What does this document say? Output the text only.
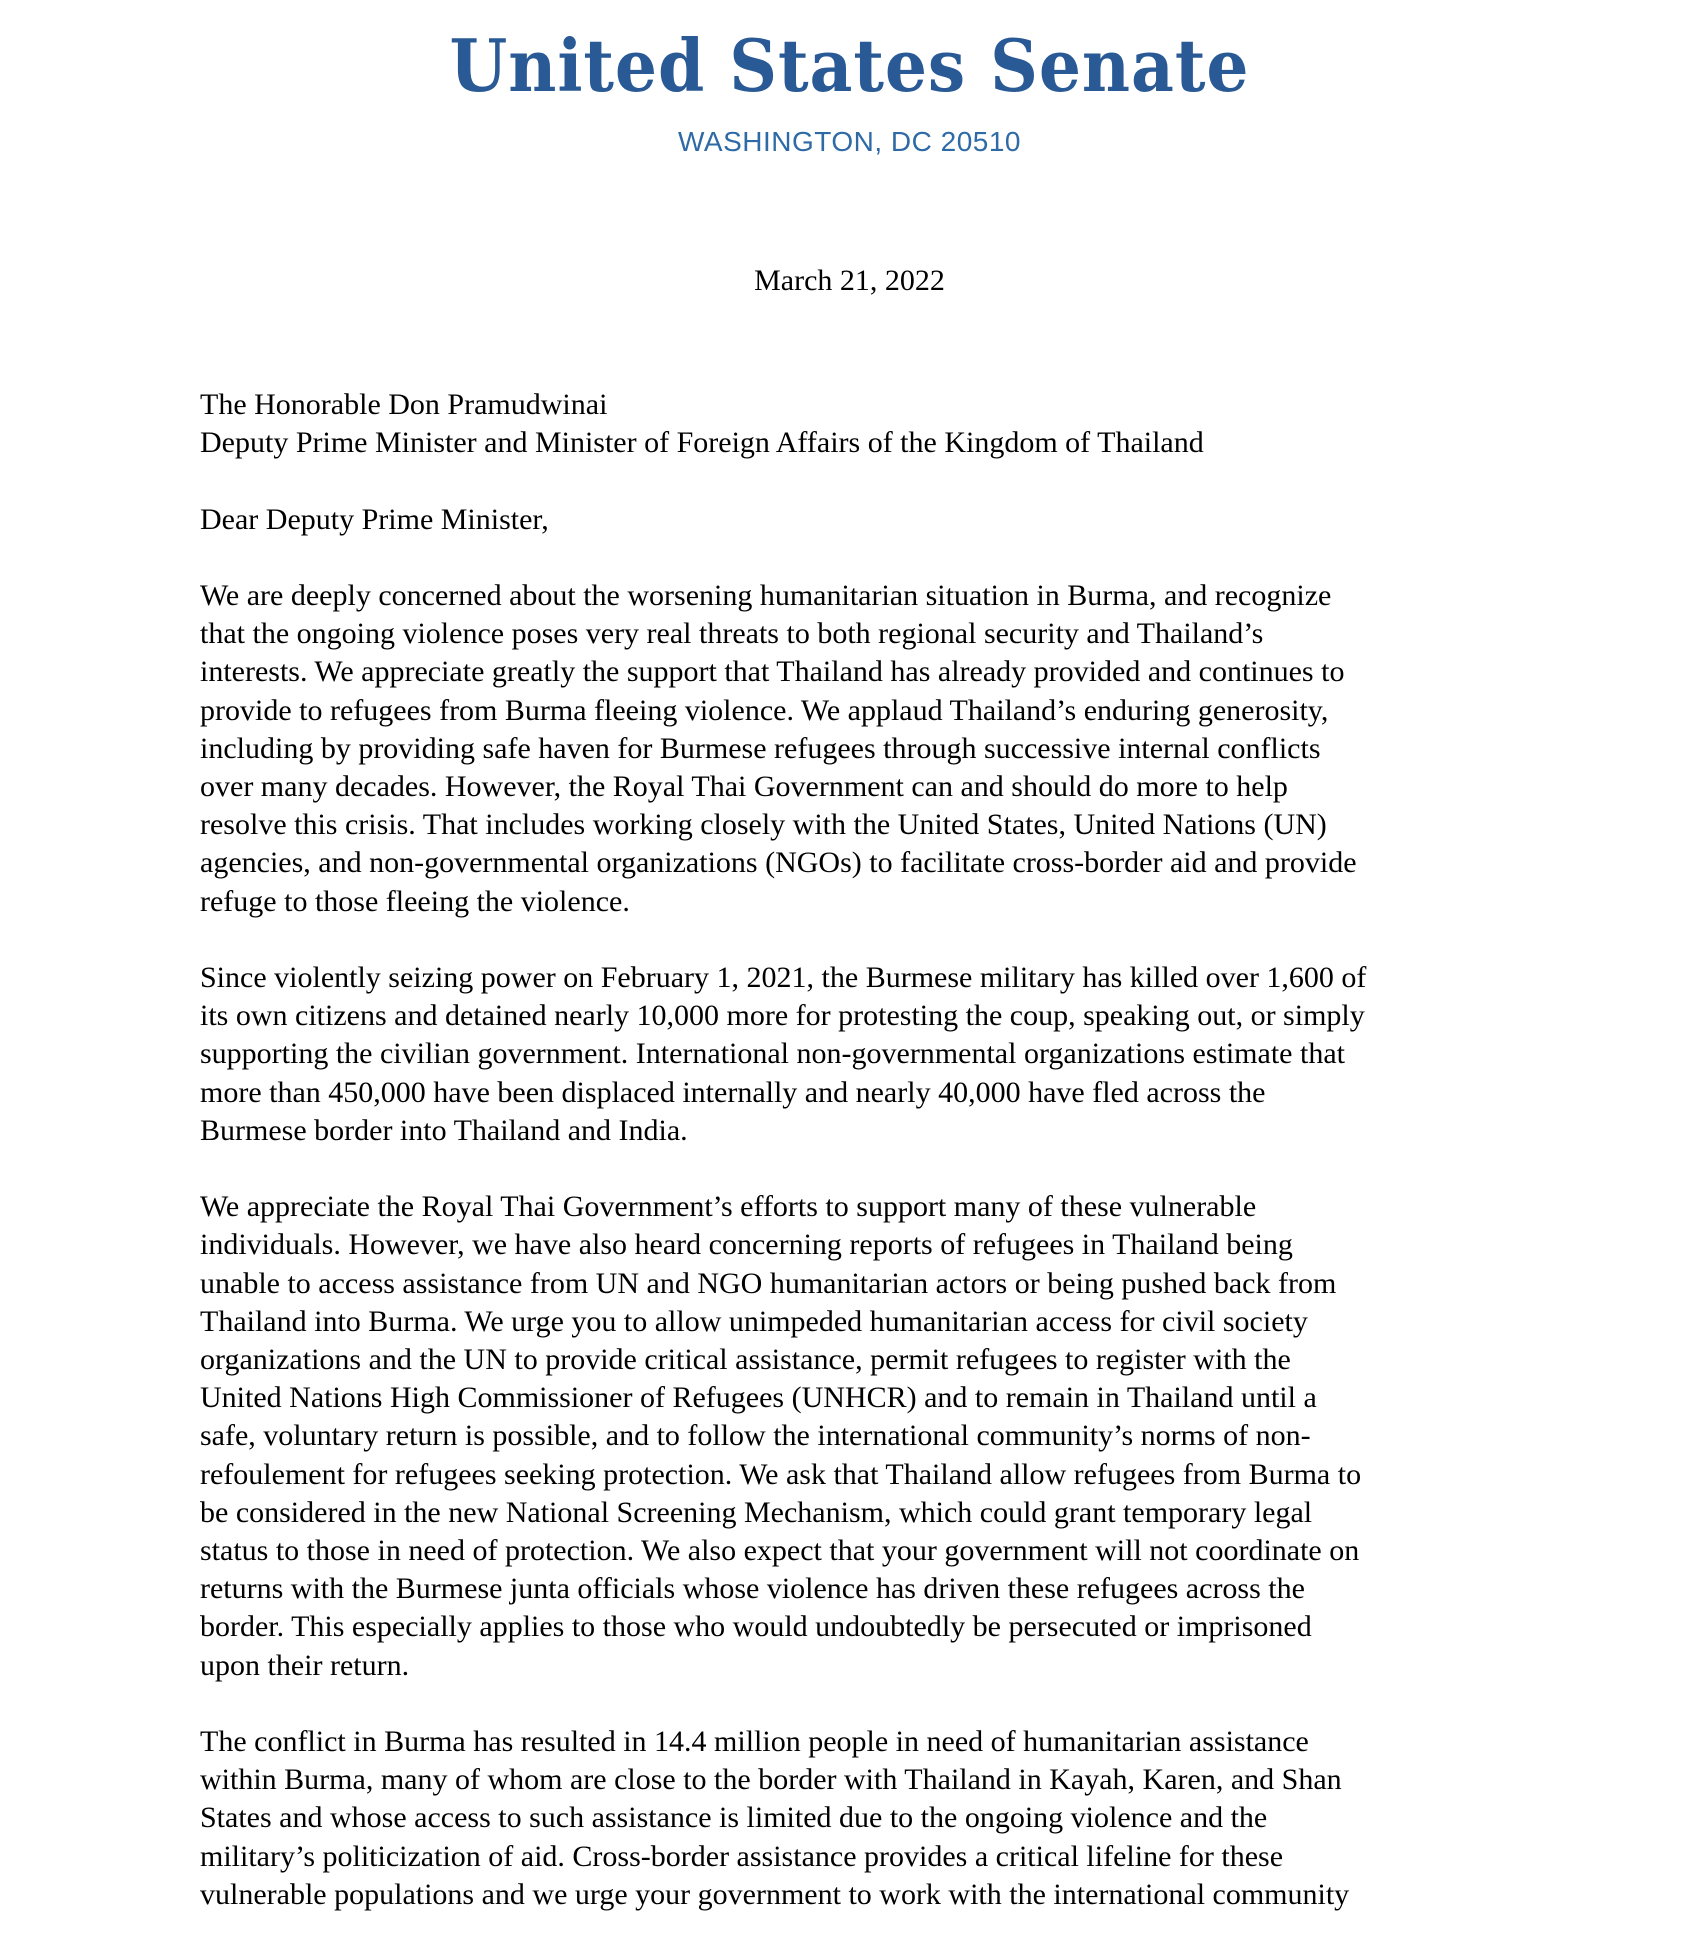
United States Senate
WASHINGTON, DC 20510
March 21, 2022
The Honorable Don Pramudwinai
Deputy Prime Minister and Minister of Foreign Affairs of the Kingdom of Thailand
Dear Deputy Prime Minister,
We are deeply concerned about the worsening humanitarian situation in Burma, and recognize
that the ongoing violence poses very real threats to both regional security and Thailand’s
interests. We appreciate greatly the support that Thailand has already provided and continues to
provide to refugees from Burma fleeing violence. We applaud Thailand’s enduring generosity,
including by providing safe haven for Burmese refugees through successive internal conflicts
over many decades. However, the Royal Thai Government can and should do more to help
resolve this crisis. That includes working closely with the United States, United Nations (UN)
agencies, and non-governmental organizations (NGOs) to facilitate cross-border aid and provide
refuge to those fleeing the violence.
Since violently seizing power on February 1, 2021, the Burmese military has killed over 1,600 of
its own citizens and detained nearly 10,000 more for protesting the coup, speaking out, or simply
supporting the civilian government. International non-governmental organizations estimate that
more than 450,000 have been displaced internally and nearly 40,000 have fled across the
Burmese border into Thailand and India.
We appreciate the Royal Thai Government’s efforts to support many of these vulnerable
individuals. However, we have also heard concerning reports of refugees in Thailand being
unable to access assistance from UN and NGO humanitarian actors or being pushed back from
Thailand into Burma. We urge you to allow unimpeded humanitarian access for civil society
organizations and the UN to provide critical assistance, permit refugees to register with the
United Nations High Commissioner of Refugees (UNHCR) and to remain in Thailand until a
safe, voluntary return is possible, and to follow the international community’s norms of non-
refoulement for refugees seeking protection. We ask that Thailand allow refugees from Burma to
be considered in the new National Screening Mechanism, which could grant temporary legal
status to those in need of protection. We also expect that your government will not coordinate on
returns with the Burmese junta officials whose violence has driven these refugees across the
border. This especially applies to those who would undoubtedly be persecuted or imprisoned
upon their return.
The conflict in Burma has resulted in 14.4 million people in need of humanitarian assistance
within Burma, many of whom are close to the border with Thailand in Kayah, Karen, and Shan
States and whose access to such assistance is limited due to the ongoing violence and the
military’s politicization of aid. Cross-border assistance provides a critical lifeline for these
vulnerable populations and we urge your government to work with the international community
